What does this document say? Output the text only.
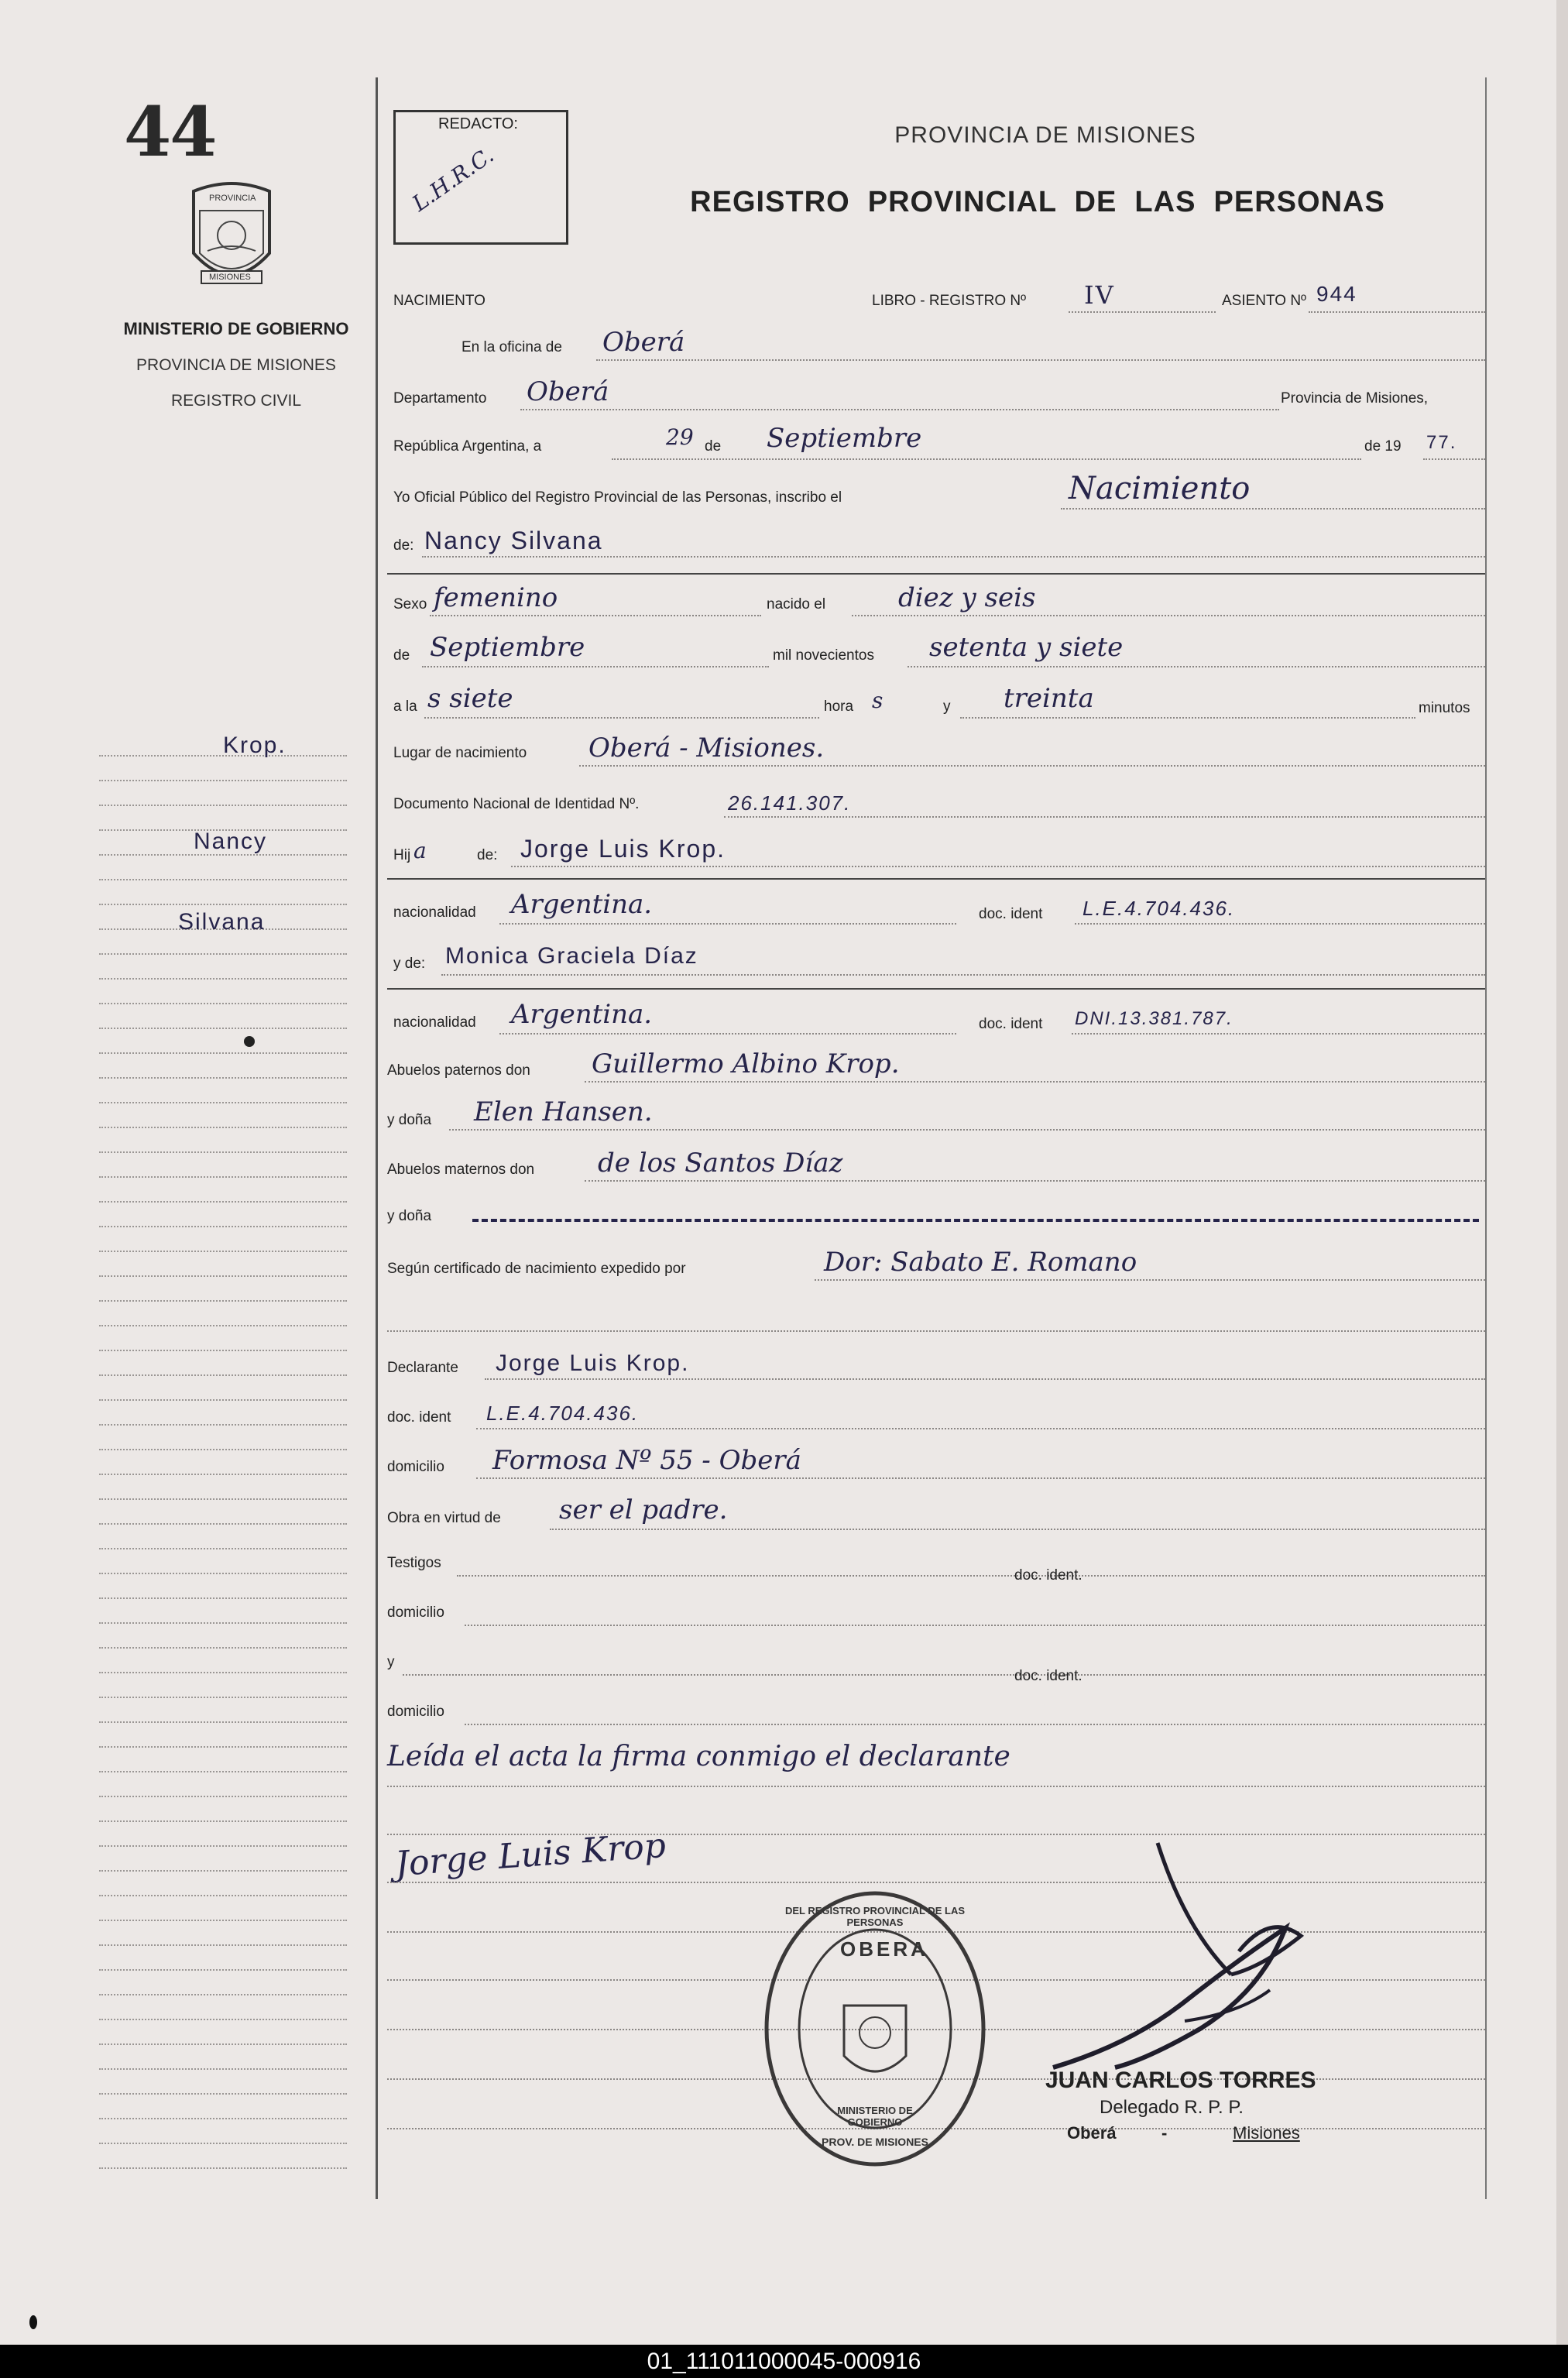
44
PROVINCIA
MISIONES
MINISTERIO DE GOBIERNO
PROVINCIA DE MISIONES
REGISTRO CIVIL
REDACTO:
L.H.R.C.
PROVINCIA DE MISIONES
REGISTRO  PROVINCIAL  DE  LAS  PERSONAS
NACIMIENTO	LIBRO - REGISTRO Nº IV	ASIENTO Nº 944
En la oficina de Oberá
Departamento Oberá	Provincia de Misiones,
República Argentina, a	29 de Septiembre	de 19 77.
Yo Oficial Público del Registro Provincial de las Personas, inscribo el	Nacimiento
de: Nancy Silvana
Sexo femenino	nacido el	diez y seis
de Septiembre	mil novecientos setenta y siete
a la s siete	hora s	y treinta	minutos
Lugar de nacimiento Oberá - Misiones.
Documento Nacional de Identidad Nº.	26.141.307.
Hij a	de: Jorge Luis Krop.
nacionalidad Argentina.	doc. ident L.E.4.704.436.
y de: Monica Graciela Díaz
nacionalidad Argentina.	doc. ident DNI.13.381.787.
Abuelos paternos don Guillermo Albino Krop.
y doña Elen Hansen.
Abuelos maternos don de los Santos Díaz
y doña
Según certificado de nacimiento expedido por	Dor: Sabato E. Romano
Declarante Jorge Luis Krop.
doc. ident L.E.4.704.436.
domicilio Formosa Nº 55 - Oberá
Obra en virtud de ser el padre.
Testigos
doc. ident.
domicilio
y
doc. ident.
domicilio
Leída el acta la firma conmigo el declarante
Jorge Luis Krop
OBERA
DEL REGISTRO PROVINCIAL DE LAS PERSONAS
MINISTERIO DE GOBIERNO
PROV. DE MISIONES
JUAN CARLOS TORRES
Delegado R. P. P.
Oberá	-	Misiones
Krop.
Nancy
Silvana
01_111011000045-000916
